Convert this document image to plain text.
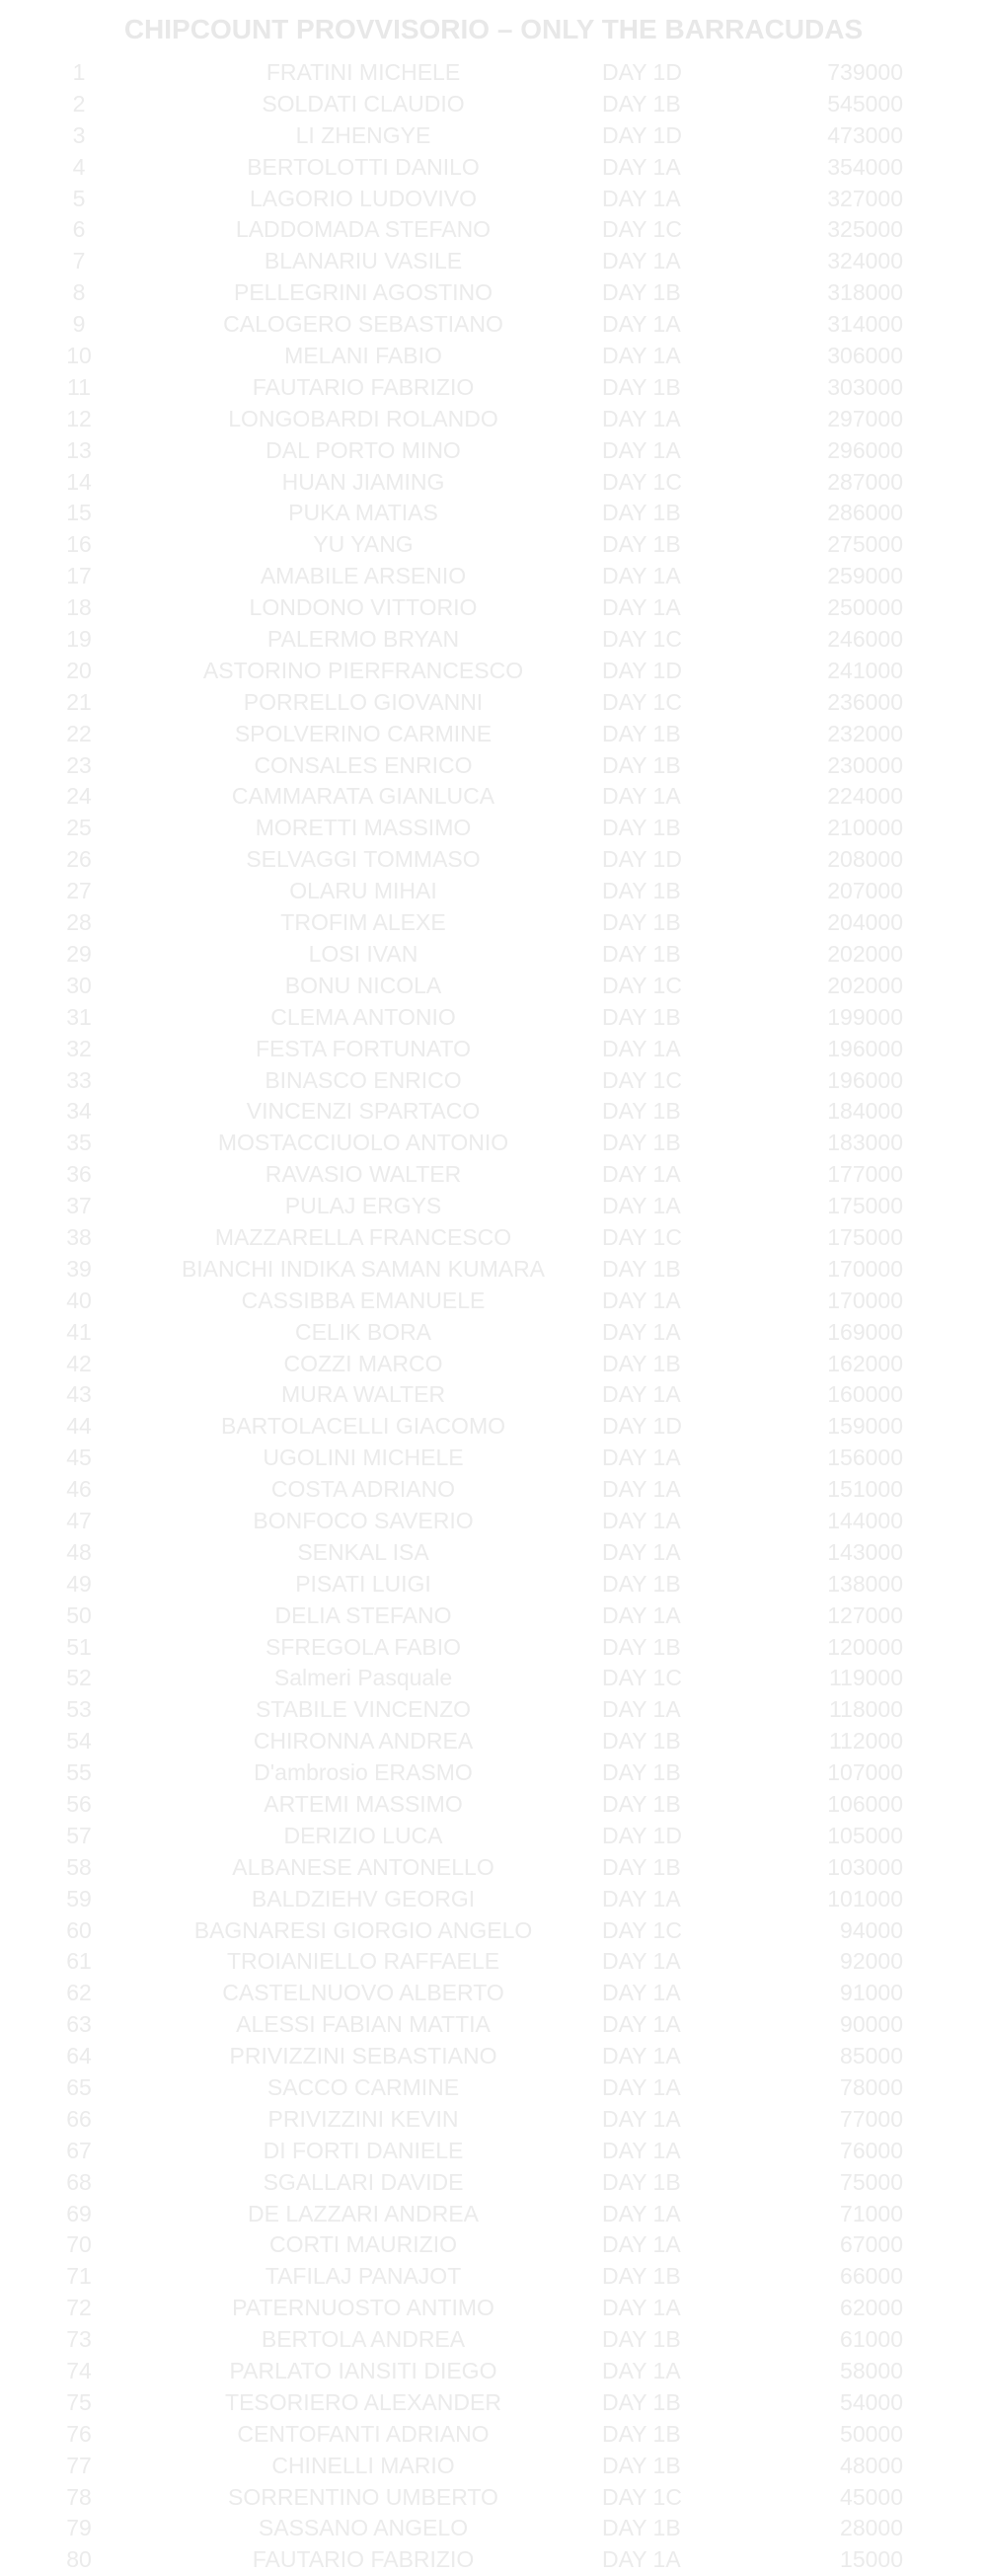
CHIPCOUNT PROVVISORIO – ONLY THE BARRACUDAS
1	FRATINI MICHELE	DAY 1D	739000
2	SOLDATI CLAUDIO	DAY 1B	545000
3	LI ZHENGYE	DAY 1D	473000
4	BERTOLOTTI DANILO	DAY 1A	354000
5	LAGORIO LUDOVIVO	DAY 1A	327000
6	LADDOMADA STEFANO	DAY 1C	325000
7	BLANARIU VASILE	DAY 1A	324000
8	PELLEGRINI AGOSTINO	DAY 1B	318000
9	CALOGERO SEBASTIANO	DAY 1A	314000
10	MELANI FABIO	DAY 1A	306000
11	FAUTARIO FABRIZIO	DAY 1B	303000
12	LONGOBARDI ROLANDO	DAY 1A	297000
13	DAL PORTO MINO	DAY 1A	296000
14	HUAN JIAMING	DAY 1C	287000
15	PUKA MATIAS	DAY 1B	286000
16	YU YANG	DAY 1B	275000
17	AMABILE ARSENIO	DAY 1A	259000
18	LONDONO VITTORIO	DAY 1A	250000
19	PALERMO BRYAN	DAY 1C	246000
20	ASTORINO PIERFRANCESCO	DAY 1D	241000
21	PORRELLO GIOVANNI	DAY 1C	236000
22	SPOLVERINO CARMINE	DAY 1B	232000
23	CONSALES ENRICO	DAY 1B	230000
24	CAMMARATA GIANLUCA	DAY 1A	224000
25	MORETTI MASSIMO	DAY 1B	210000
26	SELVAGGI TOMMASO	DAY 1D	208000
27	OLARU MIHAI	DAY 1B	207000
28	TROFIM ALEXE	DAY 1B	204000
29	LOSI IVAN	DAY 1B	202000
30	BONU NICOLA	DAY 1C	202000
31	CLEMA ANTONIO	DAY 1B	199000
32	FESTA FORTUNATO	DAY 1A	196000
33	BINASCO ENRICO	DAY 1C	196000
34	VINCENZI SPARTACO	DAY 1B	184000
35	MOSTACCIUOLO ANTONIO	DAY 1B	183000
36	RAVASIO WALTER	DAY 1A	177000
37	PULAJ ERGYS	DAY 1A	175000
38	MAZZARELLA FRANCESCO	DAY 1C	175000
39	BIANCHI INDIKA SAMAN KUMARA	DAY 1B	170000
40	CASSIBBA EMANUELE	DAY 1A	170000
41	CELIK BORA	DAY 1A	169000
42	COZZI MARCO	DAY 1B	162000
43	MURA WALTER	DAY 1A	160000
44	BARTOLACELLI GIACOMO	DAY 1D	159000
45	UGOLINI MICHELE	DAY 1A	156000
46	COSTA ADRIANO	DAY 1A	151000
47	BONFOCO SAVERIO	DAY 1A	144000
48	SENKAL ISA	DAY 1A	143000
49	PISATI LUIGI	DAY 1B	138000
50	DELIA STEFANO	DAY 1A	127000
51	SFREGOLA FABIO	DAY 1B	120000
52	Salmeri Pasquale	DAY 1C	119000
53	STABILE VINCENZO	DAY 1A	118000
54	CHIRONNA ANDREA	DAY 1B	112000
55	D'ambrosio ERASMO	DAY 1B	107000
56	ARTEMI MASSIMO	DAY 1B	106000
57	DERIZIO LUCA	DAY 1D	105000
58	ALBANESE ANTONELLO	DAY 1B	103000
59	BALDZIEHV GEORGI	DAY 1A	101000
60	BAGNARESI GIORGIO ANGELO	DAY 1C	94000
61	TROIANIELLO RAFFAELE	DAY 1A	92000
62	CASTELNUOVO ALBERTO	DAY 1A	91000
63	ALESSI FABIAN MATTIA	DAY 1A	90000
64	PRIVIZZINI SEBASTIANO	DAY 1A	85000
65	SACCO CARMINE	DAY 1A	78000
66	PRIVIZZINI KEVIN	DAY 1A	77000
67	DI FORTI DANIELE	DAY 1A	76000
68	SGALLARI DAVIDE	DAY 1B	75000
69	DE LAZZARI ANDREA	DAY 1A	71000
70	CORTI MAURIZIO	DAY 1A	67000
71	TAFILAJ PANAJOT	DAY 1B	66000
72	PATERNUOSTO ANTIMO	DAY 1A	62000
73	BERTOLA ANDREA	DAY 1B	61000
74	PARLATO IANSITI DIEGO	DAY 1A	58000
75	TESORIERO ALEXANDER	DAY 1B	54000
76	CENTOFANTI ADRIANO	DAY 1B	50000
77	CHINELLI MARIO	DAY 1B	48000
78	SORRENTINO UMBERTO	DAY 1C	45000
79	SASSANO ANGELO	DAY 1B	28000
80	FAUTARIO FABRIZIO	DAY 1A	15000
